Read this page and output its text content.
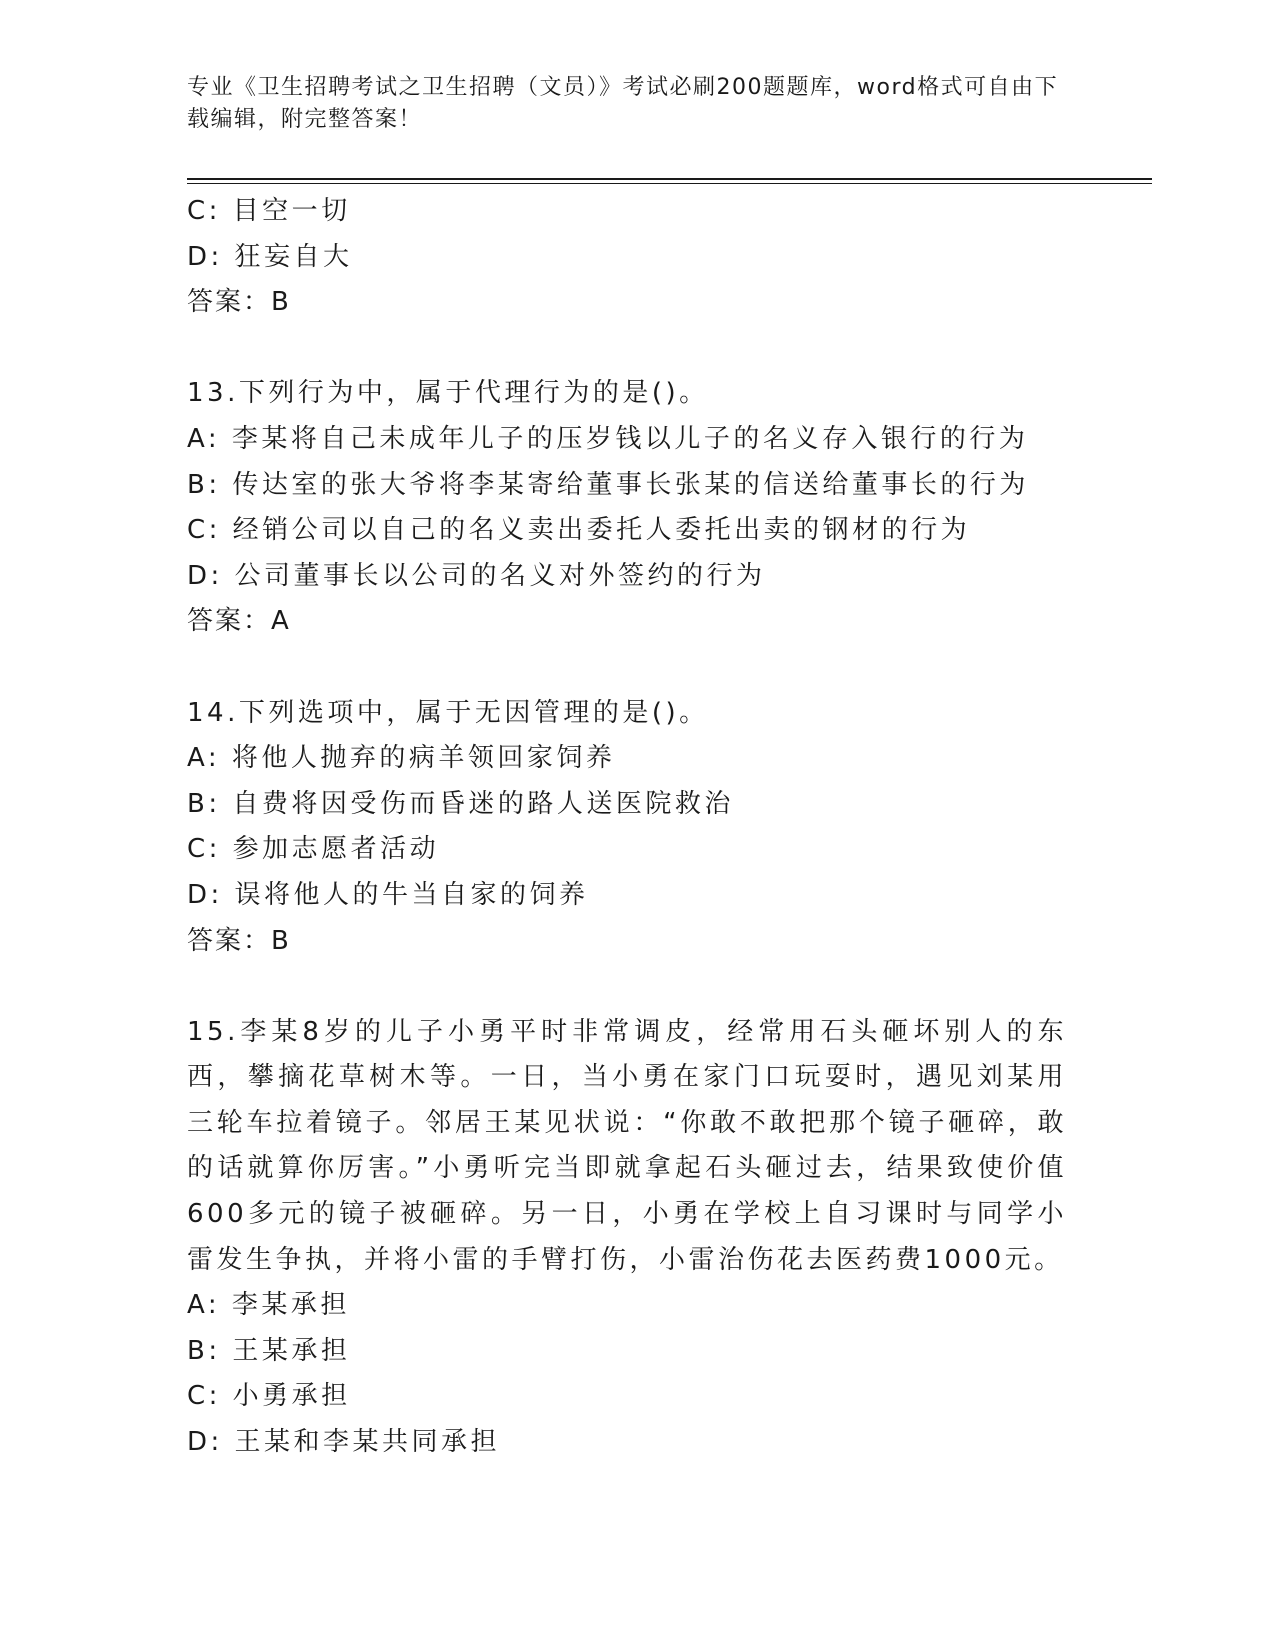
专业《卫生招聘考试之卫生招聘（文员）》考试必刷200题题库，word格式可自由下载编辑，附完整答案！
C: 目空一切
D: 狂妄自大
答案：B
13.下列行为中，属于代理行为的是()。
A: 李某将自己未成年儿子的压岁钱以儿子的名义存入银行的行为
B: 传达室的张大爷将李某寄给董事长张某的信送给董事长的行为
C: 经销公司以自己的名义卖出委托人委托出卖的钢材的行为
D: 公司董事长以公司的名义对外签约的行为
答案：A
14.下列选项中，属于无因管理的是()。
A: 将他人抛弃的病羊领回家饲养
B: 自费将因受伤而昏迷的路人送医院救治
C: 参加志愿者活动
D: 误将他人的牛当自家的饲养
答案：B
15.李某8岁的儿子小勇平时非常调皮，经常用石头砸坏别人的东西，攀摘花草树木等。一日，当小勇在家门口玩耍时，遇见刘某用三轮车拉着镜子。邻居王某见状说：“你敢不敢把那个镜子砸碎，敢的话就算你厉害。”小勇听完当即就拿起石头砸过去，结果致使价值600多元的镜子被砸碎。另一日，小勇在学校上自习课时与同学小雷发生争执，并将小雷的手臂打伤，小雷治伤花去医药费1000元。
A: 李某承担
B: 王某承担
C: 小勇承担
D: 王某和李某共同承担
